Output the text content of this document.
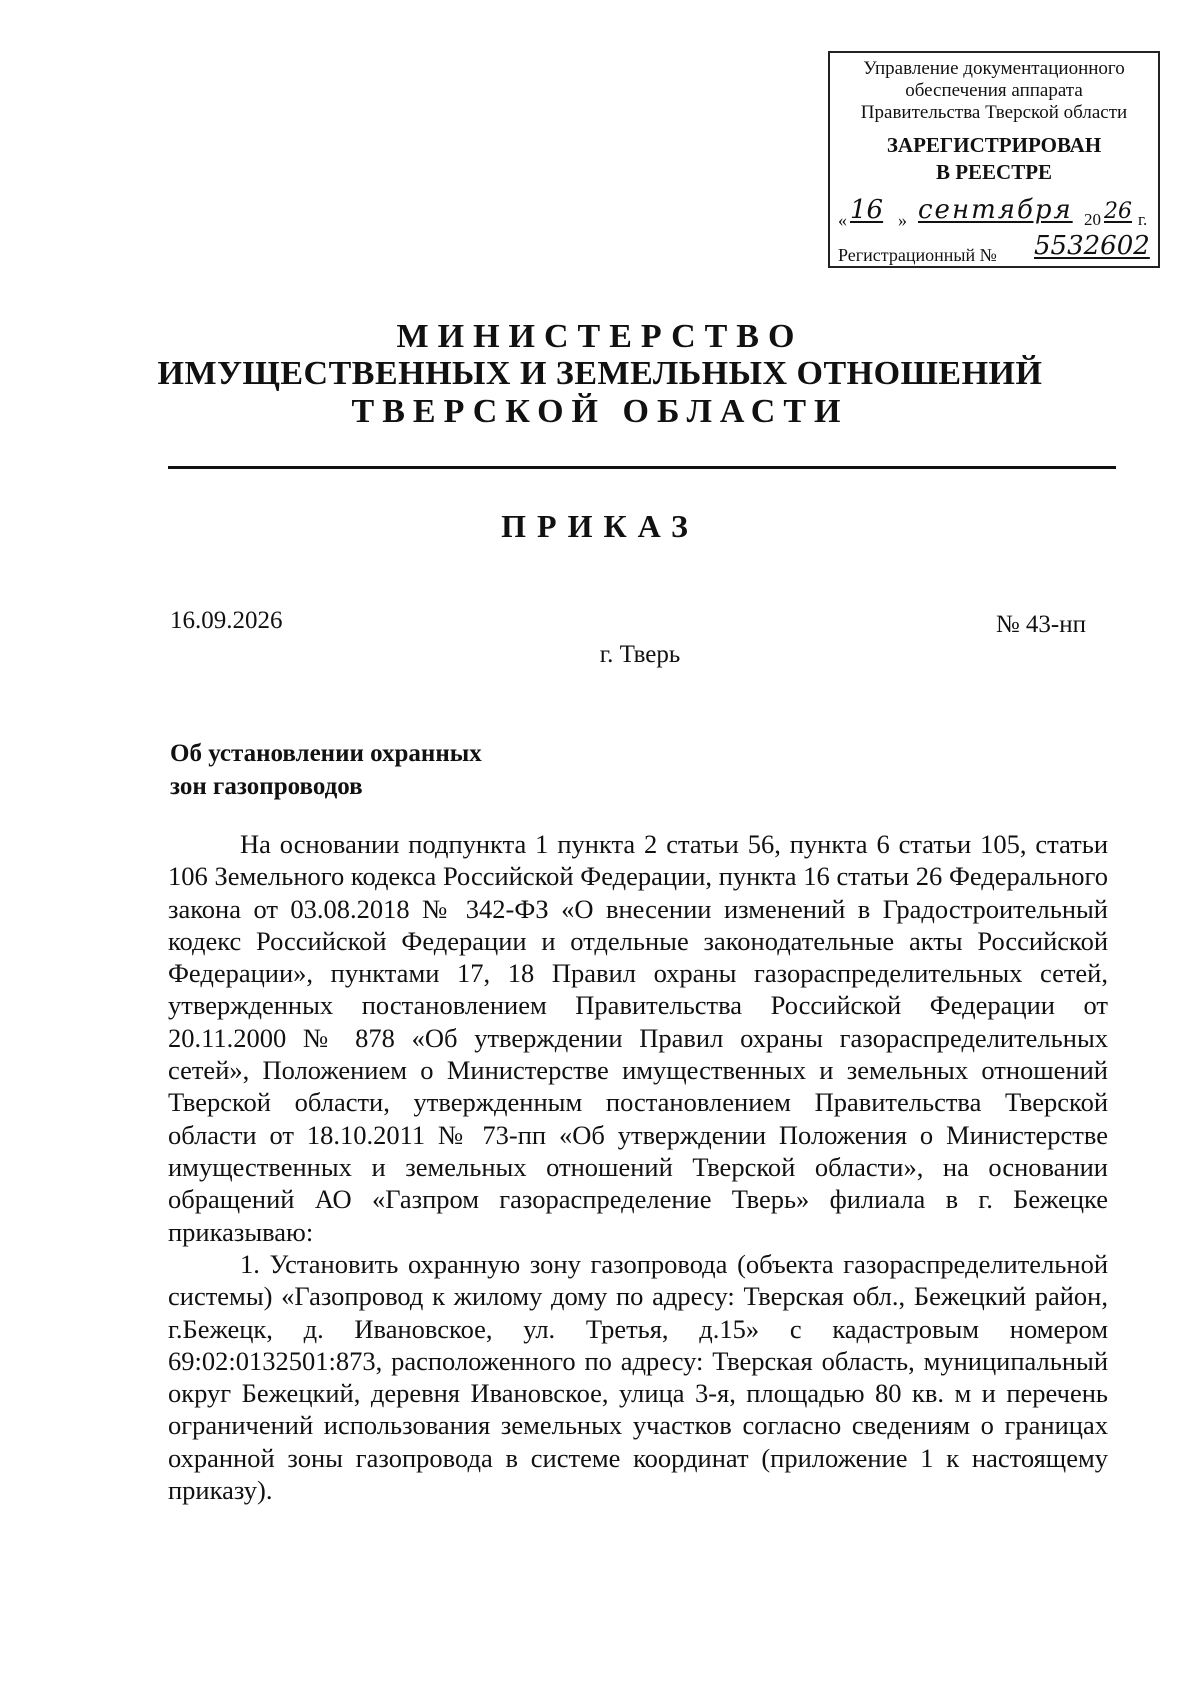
Управление документационного
обеспечения аппарата
Правительства Тверской области
ЗАРЕГИСТРИРОВАН
В РЕЕСТРЕ
« 16 » сентября 20 26 г.
Регистрационный № 5532602
МИНИСТЕРСТВО
ИМУЩЕСТВЕННЫХ И ЗЕМЕЛЬНЫХ ОТНОШЕНИЙ
ТВЕРСКОЙ ОБЛАСТИ
ПРИКАЗ
16.09.2026	№ 43-нп
г. Тверь
Об установлении охранных
зон газопроводов

На основании подпункта 1 пункта 2 статьи 56, пункта 6 статьи 105, статьи 106 Земельного кодекса Российской Федерации, пункта 16 статьи 26 Федерального закона от 03.08.2018 № 342-ФЗ «О внесении изменений в Градостроительный кодекс Российской Федерации и отдельные законодательные акты Российской Федерации», пунктами 17, 18 Правил охраны газораспределительных сетей, утвержденных постановлением Правительства Российской Федерации от 20.11.2000 № 878 «Об утверждении Правил охраны газораспределительных сетей», Положением о Министерстве имущественных и земельных отношений Тверской области, утвержденным постановлением Правительства Тверской области от 18.10.2011 № 73-пп «Об утверждении Положения о Министерстве имущественных и земельных отношений Тверской области», на основании обращений АО «Газпром газораспределение Тверь» филиала в г. Бежецке приказываю:

1. Установить охранную зону газопровода (объекта газораспределительной системы) «Газопровод к жилому дому по адресу: Тверская обл., Бежецкий район, г.Бежецк, д. Ивановское, ул. Третья, д.15» с кадастровым номером 69:02:0132501:873, расположенного по адресу: Тверская область, муниципальный округ Бежецкий, деревня Ивановское, улица 3-я, площадью 80 кв. м и перечень ограничений использования земельных участков согласно сведениям о границах охранной зоны газопровода в системе координат (приложение 1 к настоящему приказу).
